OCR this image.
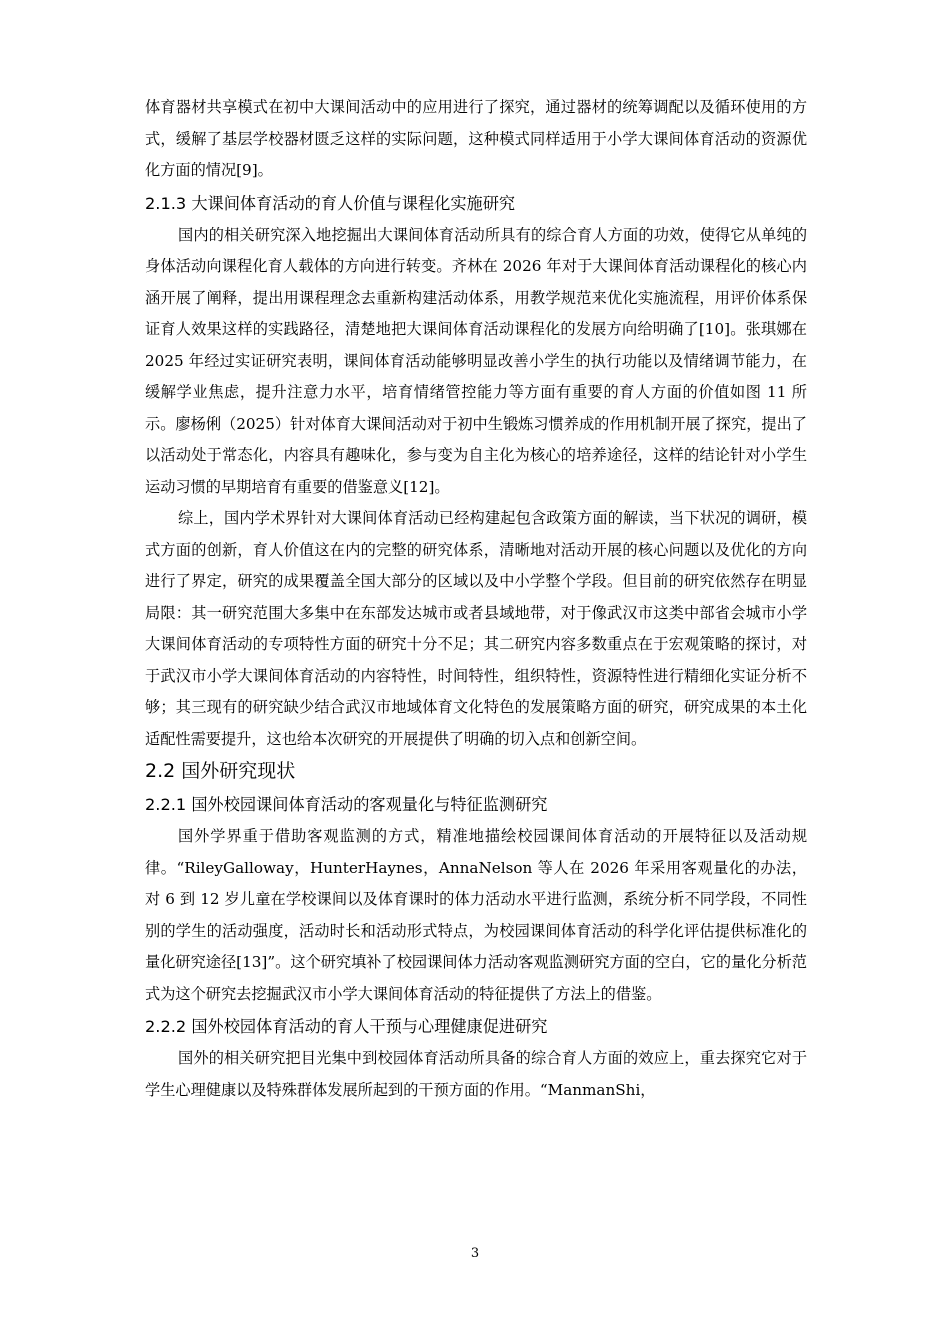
体育器材共享模式在初中大课间活动中的应用进行了探究，通过器材的统筹调配以及循环使用的方式，缓解了基层学校器材匮乏这样的实际问题，这种模式同样适用于小学大课间体育活动的资源优化方面的情况[9]。

2.1.3 大课间体育活动的育人价值与课程化实施研究

国内的相关研究深入地挖掘出大课间体育活动所具有的综合育人方面的功效，使得它从单纯的身体活动向课程化育人载体的方向进行转变。齐林在 2026 年对于大课间体育活动课程化的核心内涵开展了阐释，提出用课程理念去重新构建活动体系，用教学规范来优化实施流程，用评价体系保证育人效果这样的实践路径，清楚地把大课间体育活动课程化的发展方向给明确了[10]。张琪娜在 2025 年经过实证研究表明，课间体育活动能够明显改善小学生的执行功能以及情绪调节能力，在缓解学业焦虑，提升注意力水平，培育情绪管控能力等方面有重要的育人方面的价值如图 11 所示。廖杨俐（2025）针对体育大课间活动对于初中生锻炼习惯养成的作用机制开展了探究，提出了以活动处于常态化，内容具有趣味化，参与变为自主化为核心的培养途径，这样的结论针对小学生运动习惯的早期培育有重要的借鉴意义[12]。

综上，国内学术界针对大课间体育活动已经构建起包含政策方面的解读，当下状况的调研，模式方面的创新，育人价值这在内的完整的研究体系，清晰地对活动开展的核心问题以及优化的方向进行了界定，研究的成果覆盖全国大部分的区域以及中小学整个学段。但目前的研究依然存在明显局限：其一研究范围大多集中在东部发达城市或者县域地带，对于像武汉市这类中部省会城市小学大课间体育活动的专项特性方面的研究十分不足；其二研究内容多数重点在于宏观策略的探讨，对于武汉市小学大课间体育活动的内容特性，时间特性，组织特性，资源特性进行精细化实证分析不够；其三现有的研究缺少结合武汉市地域体育文化特色的发展策略方面的研究，研究成果的本土化适配性需要提升，这也给本次研究的开展提供了明确的切入点和创新空间。

2.2 国外研究现状
2.2.1 国外校园课间体育活动的客观量化与特征监测研究

国外学界重于借助客观监测的方式，精准地描绘校园课间体育活动的开展特征以及活动规律。“RileyGalloway，HunterHaynes，AnnaNelson 等人在 2026 年采用客观量化的办法，对 6 到 12 岁儿童在学校课间以及体育课时的体力活动水平进行监测，系统分析不同学段，不同性别的学生的活动强度，活动时长和活动形式特点，为校园课间体育活动的科学化评估提供标准化的量化研究途径[13]”。这个研究填补了校园课间体力活动客观监测研究方面的空白，它的量化分析范式为这个研究去挖掘武汉市小学大课间体育活动的特征提供了方法上的借鉴。

2.2.2 国外校园体育活动的育人干预与心理健康促进研究

国外的相关研究把目光集中到校园体育活动所具备的综合育人方面的效应上，重去探究它对于学生心理健康以及特殊群体发展所起到的干预方面的作用。“ManmanShi，

3
